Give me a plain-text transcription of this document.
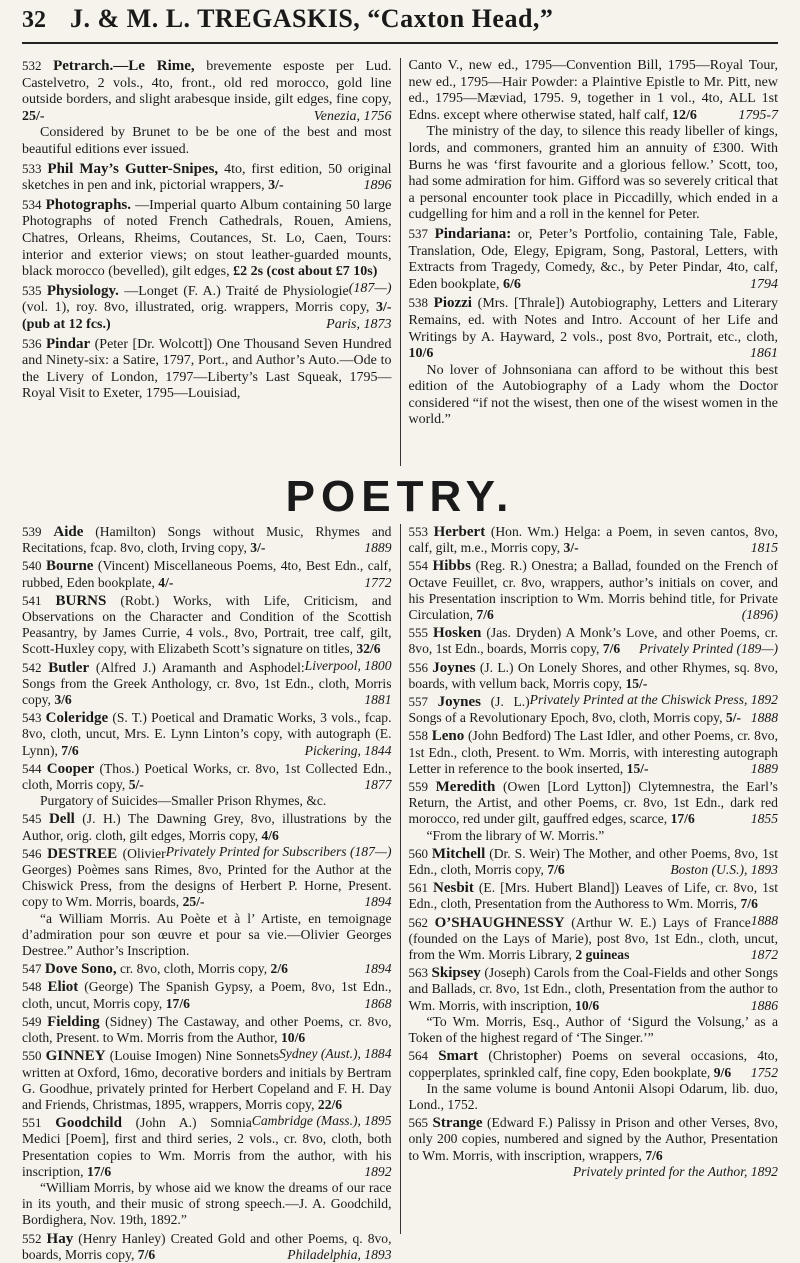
32 J. & M. L. TREGASKIS, “Caxton Head,”

532 Petrarch.—Le Rime, brevemente esposte per Lud. Castelvetro, 2 vols., 4to, front., old red morocco, gold line outside borders, and slight arabesque inside, gilt edges, fine copy, 25/-	Venezia, 1756
Considered by Brunet to be be one of the best and most beautiful editions ever issued.

533 Phil May’s Gutter-Snipes, 4to, first edition, 50 original sketches in pen and ink, pictorial wrappers, 3/-	1896

534 Photographs. —Imperial quarto Album containing 50 large Photographs of noted French Cathedrals, Rouen, Amiens, Chatres, Orleans, Rheims, Coutances, St. Lo, Caen, Tours: interior and exterior views; on stout leather-guarded mounts, black morocco (bevelled), gilt edges, £2 2s (cost about £7 10s)
(187—)

535 Physiology. —Longet (F. A.) Traité de Physiologie (vol. 1), roy. 8vo, illustrated, orig. wrappers, Morris copy, 3/- (pub at 12 fcs.)	Paris, 1873

536 Pindar (Peter [Dr. Wolcott]) One Thousand Seven Hundred and Ninety-six: a Satire, 1797, Port., and Author’s Auto.—Ode to the Livery of London, 1797—Liberty’s Last Squeak, 1795—Royal Visit to Exeter, 1795—Louisiad,

Canto V., new ed., 1795—Convention Bill, 1795—Royal Tour, new ed., 1795—Hair Powder: a Plaintive Epistle to Mr. Pitt, new ed., 1795—Mæviad, 1795. 9, together in 1 vol., 4to, ALL 1st Edns. except where otherwise stated, half calf, 12/6	1795-7
The ministry of the day, to silence this ready libeller of kings, lords, and commoners, granted him an annuity of £300. With Burns he was ‘first favourite and a glorious fellow.’ Scott, too, had some admiration for him. Gifford was so severely critical that a personal encounter took place in Piccadilly, which ended in a cudgelling for him and a roll in the kennel for Peter.

537 Pindariana: or, Peter’s Portfolio, containing Tale, Fable, Translation, Ode, Elegy, Epigram, Song, Pastoral, Letters, with Extracts from Tragedy, Comedy, &c., by Peter Pindar, 4to, calf, Eden bookplate, 6/6	1794

538 Piozzi (Mrs. [Thrale]) Autobiography, Letters and Literary Remains, ed. with Notes and Intro. Account of her Life and Writings by A. Hayward, 2 vols., post 8vo, Portrait, etc., cloth, 10/6	1861
No lover of Johnsoniana can afford to be without this best edition of the Autobiography of a Lady whom the Doctor considered “if not the wisest, then one of the wisest women in the world.”

POETRY.

539 Aide (Hamilton) Songs without Music, Rhymes and Recitations, fcap. 8vo, cloth, Irving copy, 3/-	1889

540 Bourne (Vincent) Miscellaneous Poems, 4to, Best Edn., calf, rubbed, Eden bookplate, 4/-	1772

541 BURNS (Robt.) Works, with Life, Criticism, and Observations on the Character and Condition of the Scottish Peasantry, by James Currie, 4 vols., 8vo, Portrait, tree calf, gilt, Scott-Huxley copy, with Elizabeth Scott’s signature on titles, 32/6
Liverpool, 1800

542 Butler (Alfred J.) Aramanth and Asphodel: Songs from the Greek Anthology, cr. 8vo, 1st Edn., cloth, Morris copy, 3/6	1881

543 Coleridge (S. T.) Poetical and Dramatic Works, 3 vols., fcap. 8vo, cloth, uncut, Mrs. E. Lynn Linton’s copy, with autograph (E. Lynn), 7/6	Pickering, 1844

544 Cooper (Thos.) Poetical Works, cr. 8vo, 1st Collected Edn., cloth, Morris copy, 5/-	1877
Purgatory of Suicides—Smaller Prison Rhymes, &c.

545 Dell (J. H.) The Dawning Grey, 8vo, illustrations by the Author, orig. cloth, gilt edges, Morris copy, 4/6
Privately Printed for Subscribers (187—)

546 DESTREE (Olivier Georges) Poèmes sans Rimes, 8vo, Printed for the Author at the Chiswick Press, from the designs of Herbert P. Horne, Present. copy to Wm. Morris, boards, 25/-	1894
“a William Morris. Au Poète et à l’ Artiste, en temoignage d’admiration pour son œuvre et pour sa vie.—Olivier Georges Destree.” Author’s Inscription.

547 Dove Sono, cr. 8vo, cloth, Morris copy, 2/6	1894

548 Eliot (George) The Spanish Gypsy, a Poem, 8vo, 1st Edn., cloth, uncut, Morris copy, 17/6	1868

549 Fielding (Sidney) The Castaway, and other Poems, cr. 8vo, cloth, Present. to Wm. Morris from the Author, 10/6
Sydney (Aust.), 1884

550 GINNEY (Louise Imogen) Nine Sonnets written at Oxford, 16mo, decorative borders and initials by Bertram G. Goodhue, privately printed for Herbert Copeland and F. H. Day and Friends, Christmas, 1895, wrappers, Morris copy, 22/6
Cambridge (Mass.), 1895

551 Goodchild (John A.) Somnia Medici [Poem], first and third series, 2 vols., cr. 8vo, cloth, both Presentation copies to Wm. Morris from the author, with his inscription, 17/6	1892
“William Morris, by whose aid we know the dreams of our race in its youth, and their music of strong speech.—J. A. Goodchild, Bordighera, Nov. 19th, 1892.”

552 Hay (Henry Hanley) Created Gold and other Poems, q. 8vo, boards, Morris copy, 7/6	Philadelphia, 1893

553 Herbert (Hon. Wm.) Helga: a Poem, in seven cantos, 8vo, calf, gilt, m.e., Morris copy, 3/-	1815

554 Hibbs (Reg. R.) Onestra; a Ballad, founded on the French of Octave Feuillet, cr. 8vo, wrappers, author’s initials on cover, and his Presentation inscription to Wm. Morris behind title, for Private Circulation, 7/6	(1896)

555 Hosken (Jas. Dryden) A Monk’s Love, and other Poems, cr. 8vo, 1st Edn., boards, Morris copy, 7/6 Privately Printed (189—)

556 Joynes (J. L.) On Lonely Shores, and other Rhymes, sq. 8vo, boards, with vellum back, Morris copy, 15/-
Privately Printed at the Chiswick Press, 1892

557 Joynes (J. L.) Songs of a Revolutionary Epoch, 8vo, cloth, Morris copy, 5/- 1888

558 Leno (John Bedford) The Last Idler, and other Poems, cr. 8vo, 1st Edn., cloth, Present. to Wm. Morris, with interesting autograph Letter in reference to the book inserted, 15/-	1889

559 Meredith (Owen [Lord Lytton]) Clytemnestra, the Earl’s Return, the Artist, and other Poems, cr. 8vo, 1st Edn., dark red morocco, red under gilt, gauffred edges, scarce, 17/6	1855
“From the library of W. Morris.”

560 Mitchell (Dr. S. Weir) The Mother, and other Poems, 8vo, 1st Edn., cloth, Morris copy, 7/6	Boston (U.S.), 1893

561 Nesbit (E. [Mrs. Hubert Bland]) Leaves of Life, cr. 8vo, 1st Edn., cloth, Presentation from the Authoress to Wm. Morris, 7/6
1888

562 O’SHAUGHNESSY (Arthur W. E.) Lays of France (founded on the Lays of Marie), post 8vo, 1st Edn., cloth, uncut, from the Wm. Morris Library, 2 guineas	1872

563 Skipsey (Joseph) Carols from the Coal-Fields and other Songs and Ballads, cr. 8vo, 1st Edn., cloth, Presentation from the author to Wm. Morris, with inscription, 10/6	1886
“To Wm. Morris, Esq., Author of ‘Sigurd the Volsung,’ as a Token of the highest regard of ‘The Singer.’”

564 Smart (Christopher) Poems on several occasions, 4to, copperplates, sprinkled calf, fine copy, Eden bookplate, 9/6 1752
In the same volume is bound Antonii Alsopi Odarum, lib. duo, Lond., 1752.

565 Strange (Edward F.) Palissy in Prison and other Verses, 8vo, only 200 copies, numbered and signed by the Author, Presentation to Wm. Morris, with inscription, wrappers, 7/6
Privately printed for the Author, 1892
